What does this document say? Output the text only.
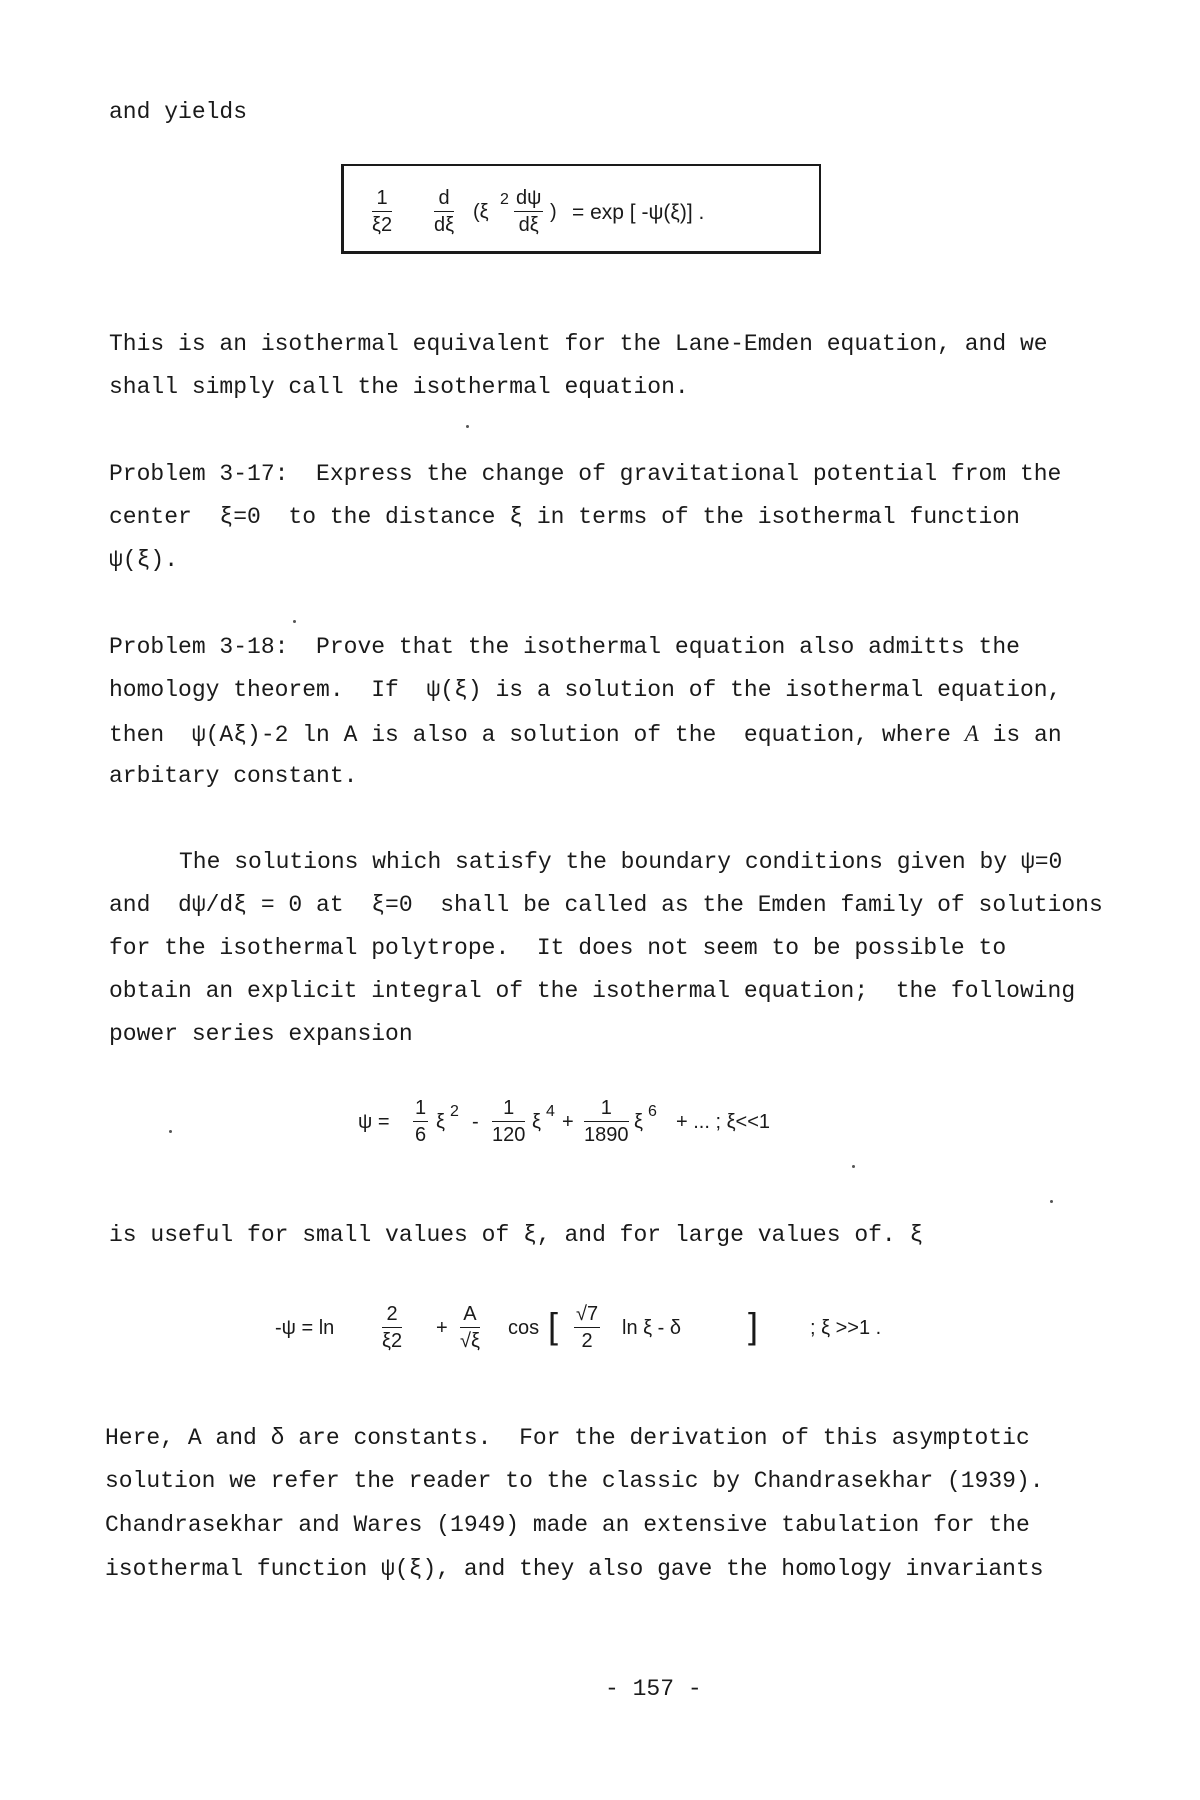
and yields
$\frac{1}{\xi 2} \frac{d}{d\xi} (\xi$
$2 \frac{d\psi}{d\xi}$ ) = exp [ -ψ(ξ)] .
This is an isothermal equivalent for the Lane-Emden equation, and we
shall simply call the isothermal equation.
Problem 3-17:  Express the change of gravitational potential from the
center  ξ=0  to the distance ξ in terms of the isothermal function
ψ(ξ).
Problem 3-18:  Prove that the isothermal equation also admitts the
homology theorem.  If  ψ(ξ) is a solution of the isothermal equation,
then  ψ(Aξ)-2 ln A is also a solution of the  equation, where A is an
arbitary constant.
The solutions which satisfy the boundary conditions given by ψ=0
and  dψ/dξ = 0 at  ξ=0  shall be called as the Emden family of solutions
for the isothermal polytrope.  It does not seem to be possible to
obtain an explicit integral of the isothermal equation;  the following
power series expansion
$\psi = \frac{1}{6}$ ξ $2 - \frac{1}{120}$ ξ $4 + \frac{1}{1890}$ ξ 6 + ... ; ξ<<1
is useful for small values of ξ, and for large values of. ξ
$-\psi = \ln \frac{2}{\xi 2} + \frac{A}{√\xi}$ cos [ $\frac{√7}{2}$ ln ξ - δ ]	; ξ >>1 .
Here, A and δ are constants.  For the derivation of this asymptotic
solution we refer the reader to the classic by Chandrasekhar (1939).
Chandrasekhar and Wares (1949) made an extensive tabulation for the
isothermal function ψ(ξ), and they also gave the homology invariants
- 157 -
